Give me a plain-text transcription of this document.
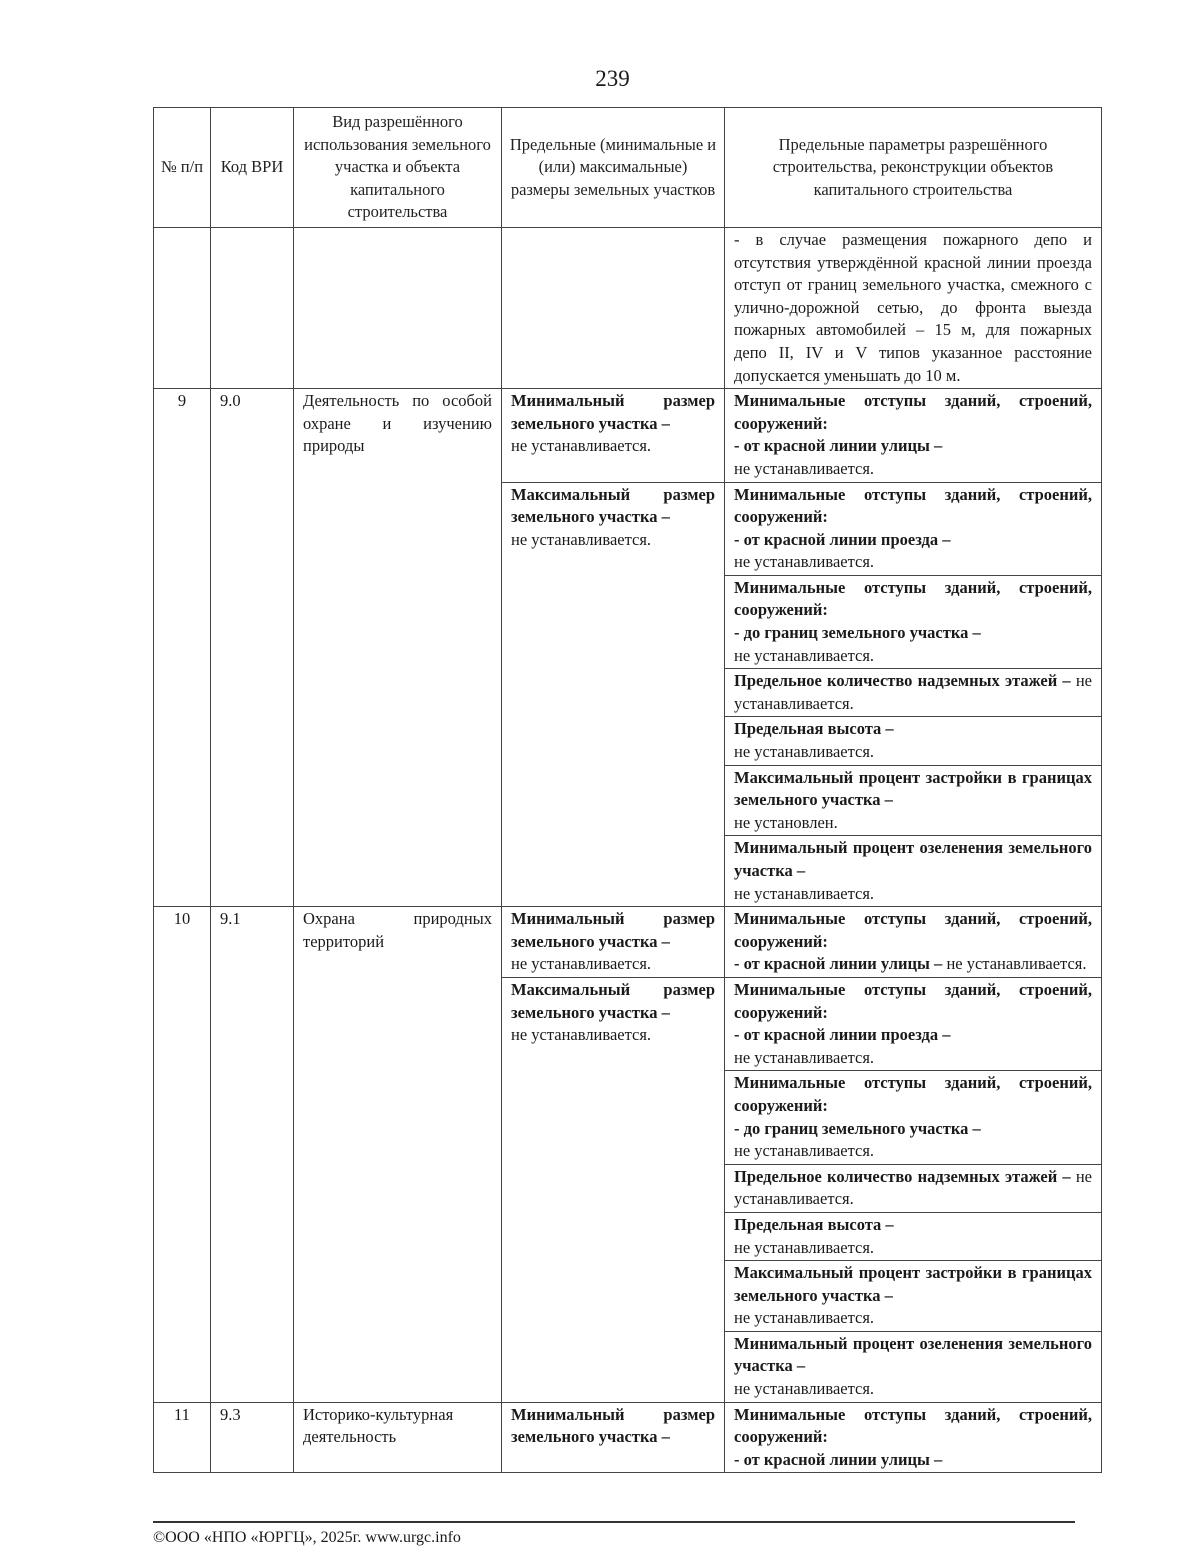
239
№ п/п	Код ВРИ	Вид разрешённого использования земельного участка и объекта капитального строительства	Предельные (минимальные и (или) максимальные) размеры земельных участков	Предельные параметры разрешённого строительства, реконструкции объектов капитального строительства
				- в случае размещения пожарного депо и отсутствия утверждённой красной линии проезда отступ от границ земельного участка, смежного с улично-дорожной сетью, до фронта выезда пожарных автомобилей – 15 м, для пожарных депо II, IV и V типов указанное расстояние допускается уменьшать до 10 м.
9	9.0	Деятельность по особой охране и изучению природы	Минимальный размер земельного участка –
не устанавливается.	Минимальные отступы зданий, строений, сооружений:
- от красной линии улицы –
не устанавливается.
			Максимальный размер земельного участка –
не устанавливается.	Минимальные отступы зданий, строений, сооружений:
- от красной линии проезда –
не устанавливается.
				Минимальные отступы зданий, строений, сооружений:
- до границ земельного участка –
не устанавливается.
				Предельное количество надземных этажей – не устанавливается.
				Предельная высота –
не устанавливается.
				Максимальный процент застройки в границах земельного участка –
не установлен.
				Минимальный процент озеленения земельного участка –
не устанавливается.
10	9.1	Охрана природных территорий	Минимальный размер земельного участка –
не устанавливается.	Минимальные отступы зданий, строений, сооружений:
- от красной линии улицы – не устанавливается.
			Максимальный размер земельного участка –
не устанавливается.	Минимальные отступы зданий, строений, сооружений:
- от красной линии проезда –
не устанавливается.
				Минимальные отступы зданий, строений, сооружений:
- до границ земельного участка –
не устанавливается.
				Предельное количество надземных этажей – не устанавливается.
				Предельная высота –
не устанавливается.
				Максимальный процент застройки в границах земельного участка –
не устанавливается.
				Минимальный процент озеленения земельного участка –
не устанавливается.
11	9.3	Историко-культурная деятельность	Минимальный размер земельного участка –	Минимальные отступы зданий, строений, сооружений:
- от красной линии улицы –
©ООО «НПО «ЮРГЦ», 2025г. www.urgc.info
